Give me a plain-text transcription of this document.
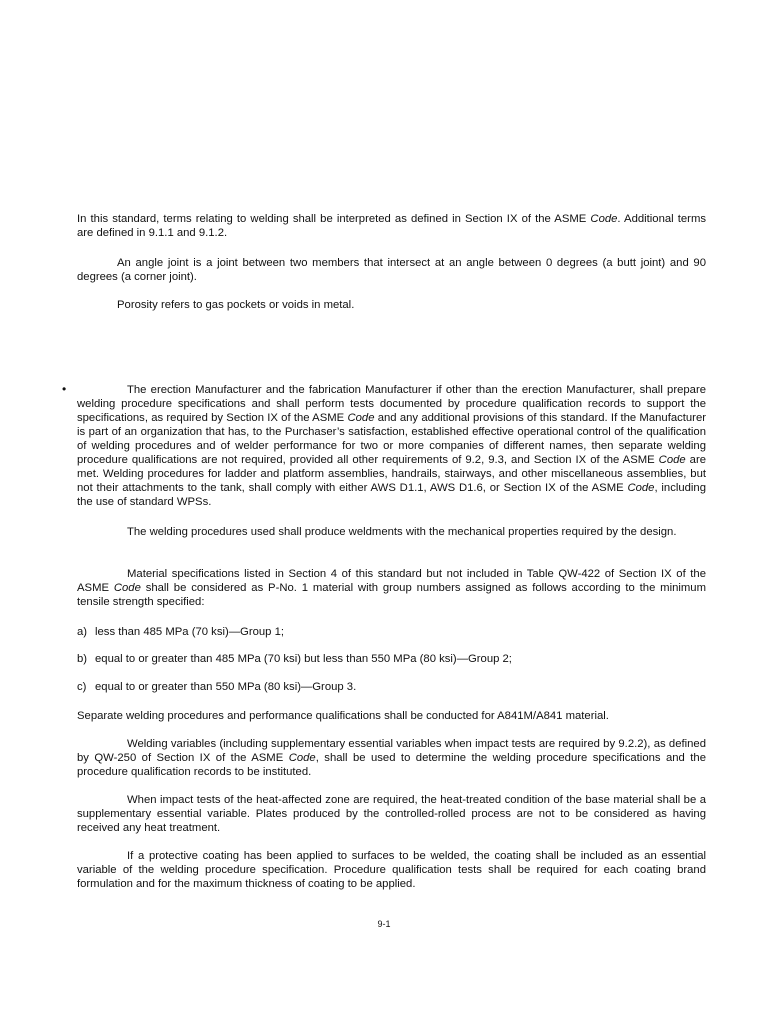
In this standard, terms relating to welding shall be interpreted as defined in Section IX of the ASME Code. Additional terms are defined in 9.1.1 and 9.1.2.

An angle joint is a joint between two members that intersect at an angle between 0 degrees (a butt joint) and 90 degrees (a corner joint).

Porosity refers to gas pockets or voids in metal.

•	The erection Manufacturer and the fabrication Manufacturer if other than the erection Manufacturer, shall prepare welding procedure specifications and shall perform tests documented by procedure qualification records to support the specifications, as required by Section IX of the ASME Code and any additional provisions of this standard. If the Manufacturer is part of an organization that has, to the Purchaser’s satisfaction, established effective operational control of the qualification of welding procedures and of welder performance for two or more companies of different names, then separate welding procedure qualifications are not required, provided all other requirements of 9.2, 9.3, and Section IX of the ASME Code are met. Welding procedures for ladder and platform assemblies, handrails, stairways, and other miscellaneous assemblies, but not their attachments to the tank, shall comply with either AWS D1.1, AWS D1.6, or Section IX of the ASME Code, including the use of standard WPSs.

The welding procedures used shall produce weldments with the mechanical properties required by the design.

Material specifications listed in Section 4 of this standard but not included in Table QW-422 of Section IX of the ASME Code shall be considered as P-No. 1 material with group numbers assigned as follows according to the minimum tensile strength specified:

a) less than 485 MPa (70 ksi)—Group 1;

b) equal to or greater than 485 MPa (70 ksi) but less than 550 MPa (80 ksi)—Group 2;

c) equal to or greater than 550 MPa (80 ksi)—Group 3.

Separate welding procedures and performance qualifications shall be conducted for A841M/A841 material.

Welding variables (including supplementary essential variables when impact tests are required by 9.2.2), as defined by QW-250 of Section IX of the ASME Code, shall be used to determine the welding procedure specifications and the procedure qualification records to be instituted.

When impact tests of the heat-affected zone are required, the heat-treated condition of the base material shall be a supplementary essential variable. Plates produced by the controlled-rolled process are not to be considered as having received any heat treatment.

If a protective coating has been applied to surfaces to be welded, the coating shall be included as an essential variable of the welding procedure specification. Procedure qualification tests shall be required for each coating brand formulation and for the maximum thickness of coating to be applied.

9-1
